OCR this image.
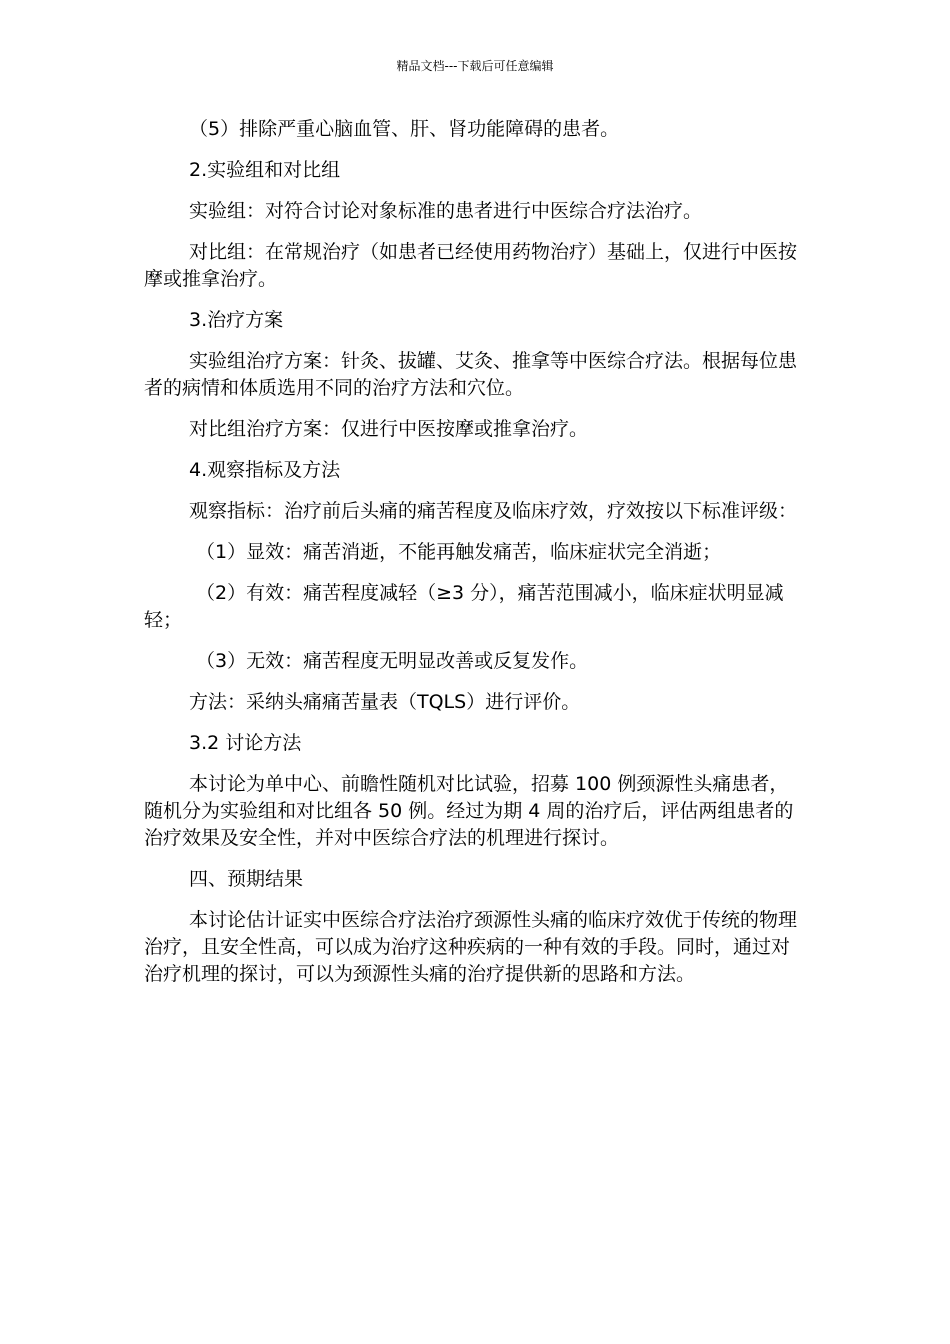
精品文档---下载后可任意编辑

（5）排除严重心脑血管、肝、肾功能障碍的患者。

2.实验组和对比组

实验组：对符合讨论对象标准的患者进行中医综合疗法治疗。

对比组：在常规治疗（如患者已经使用药物治疗）基础上，仅进行中医按摩或推拿治疗。

3.治疗方案

实验组治疗方案：针灸、拔罐、艾灸、推拿等中医综合疗法。根据每位患者的病情和体质选用不同的治疗方法和穴位。

对比组治疗方案：仅进行中医按摩或推拿治疗。

4.观察指标及方法

观察指标：治疗前后头痛的痛苦程度及临床疗效，疗效按以下标准评级：

（1）显效：痛苦消逝，不能再触发痛苦，临床症状完全消逝；

（2）有效：痛苦程度减轻（≥3 分），痛苦范围减小，临床症状明显减轻；

（3）无效：痛苦程度无明显改善或反复发作。

方法：采纳头痛痛苦量表（TQLS）进行评价。

3.2 讨论方法

本讨论为单中心、前瞻性随机对比试验，招募 100 例颈源性头痛患者，随机分为实验组和对比组各 50 例。经过为期 4 周的治疗后，评估两组患者的治疗效果及安全性，并对中医综合疗法的机理进行探讨。

四、预期结果

本讨论估计证实中医综合疗法治疗颈源性头痛的临床疗效优于传统的物理治疗，且安全性高，可以成为治疗这种疾病的一种有效的手段。同时，通过对治疗机理的探讨，可以为颈源性头痛的治疗提供新的思路和方法。
